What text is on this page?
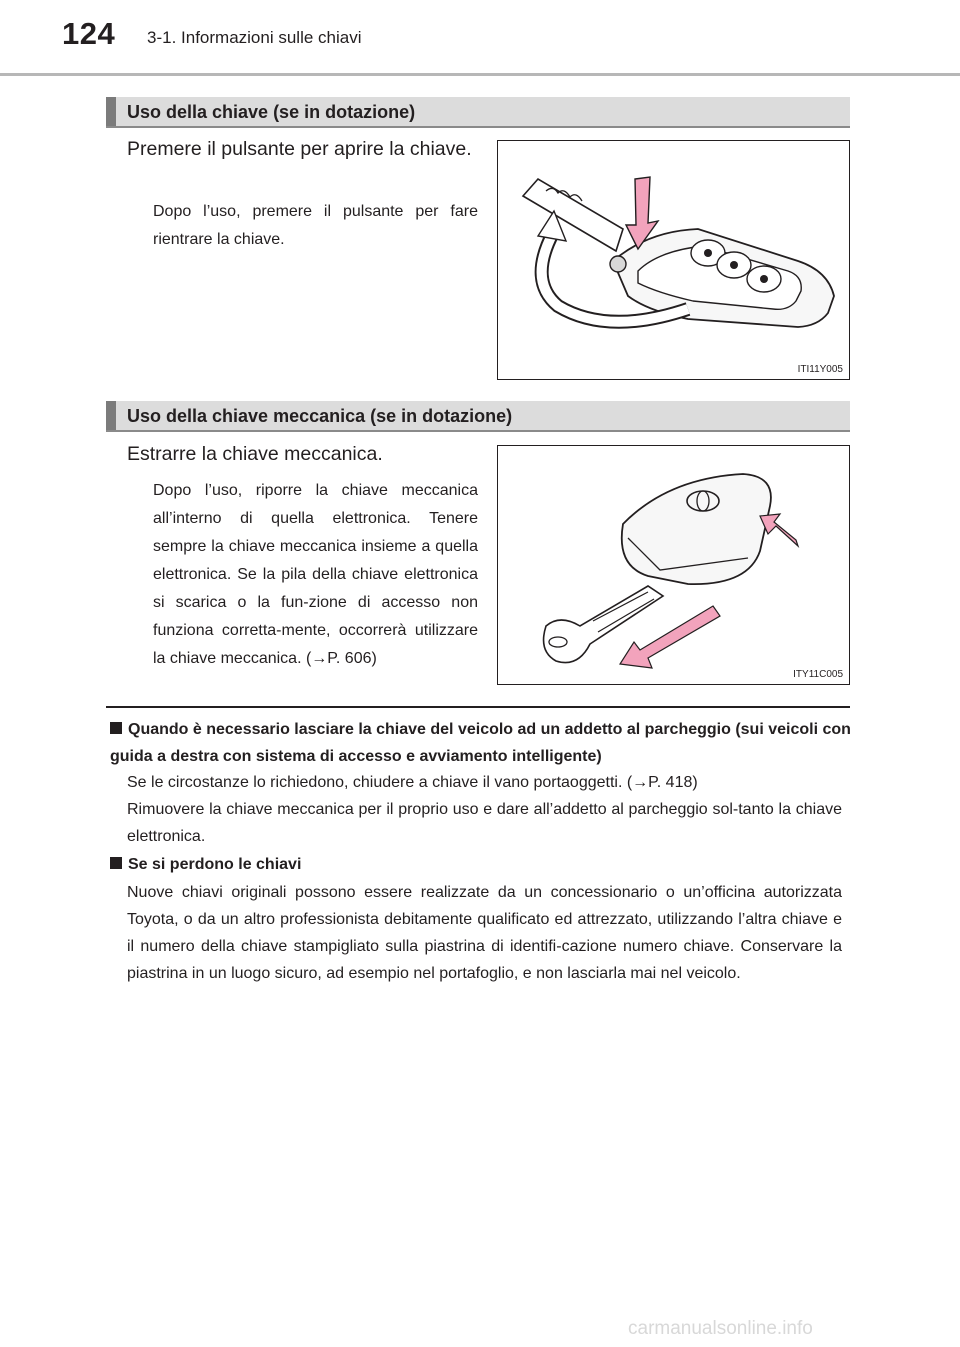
124 3-1. Informazioni sulle chiavi
Uso della chiave (se in dotazione)
Premere il pulsante per aprire la chiave.
Dopo l’uso, premere il pulsante per fare rientrare la chiave.
ITI11Y005
Uso della chiave meccanica (se in dotazione)
Estrarre la chiave meccanica.
Dopo l’uso, riporre la chiave meccanica all’interno di quella elettronica. Tenere sempre la chiave meccanica insieme a quella elettronica. Se la pila della chiave elettronica si scarica o la fun-zione di accesso non funziona corretta-mente, occorrerà utilizzare la chiave meccanica. (→P. 606)
ITY11C005
Quando è necessario lasciare la chiave del veicolo ad un addetto al parcheggio (sui veicoli con guida a destra con sistema di accesso e avviamento intelligente)

Se le circostanze lo richiedono, chiudere a chiave il vano portaoggetti. (→P. 418)

Rimuovere la chiave meccanica per il proprio uso e dare all’addetto al parcheggio sol-tanto la chiave elettronica.

Se si perdono le chiavi

Nuove chiavi originali possono essere realizzate da un concessionario o un’officina autorizzata Toyota, o da un altro professionista debitamente qualificato ed attrezzato, utilizzando l’altra chiave e il numero della chiave stampigliato sulla piastrina di identifi-cazione numero chiave. Conservare la piastrina in un luogo sicuro, ad esempio nel portafoglio, e non lasciarla mai nel veicolo.

carmanualsonline.info
